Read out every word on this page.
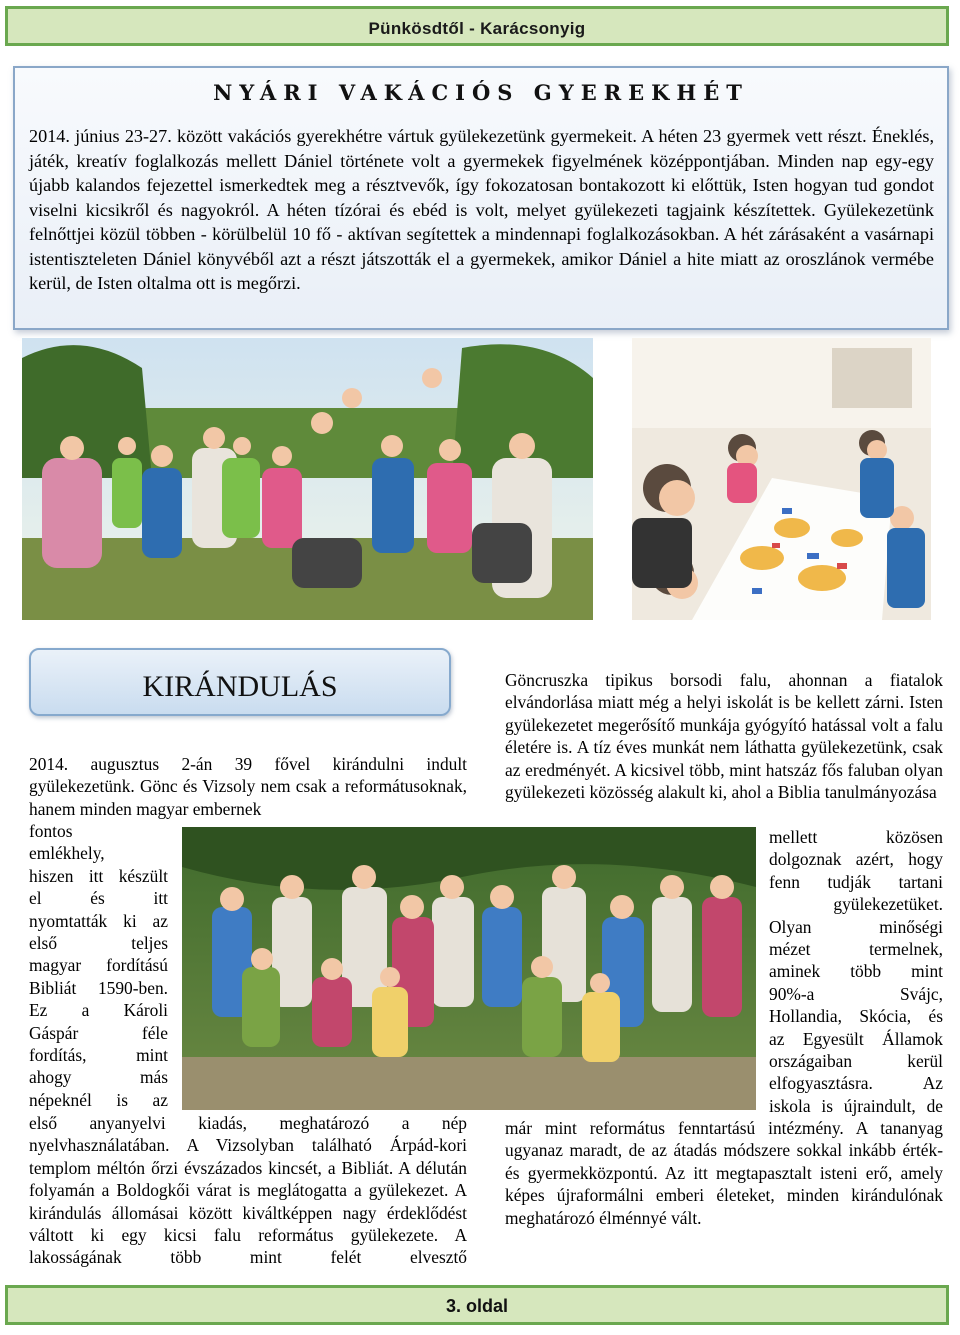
Pünkösdtől - Karácsonyig
NYÁRI VAKÁCIÓS GYEREKHÉT
2014. június 23-27. között vakációs gyerekhétre vártuk gyülekezetünk gyermekeit. A héten 23 gyermek vett részt. Éneklés, játék, kreatív foglalkozás mellett Dániel története volt a gyermekek figyelmének középpontjában. Minden nap egy-egy újabb kalandos fejezettel ismerkedtek meg a résztvevők, így fokozatosan bontakozott ki előttük, Isten hogyan tud gondot viselni kicsikről és nagyokról. A héten tízórai és ebéd is volt, melyet gyülekezeti tagjaink készítettek. Gyülekezetünk felnőttjei közül többen - körülbelül 10 fő - aktívan segítettek a mindennapi foglalkozásokban. A hét zárásaként a vasárnapi istentiszteleten Dániel könyvéből azt a részt játszották el a gyermekek, amikor Dániel a hite miatt az oroszlánok vermébe kerül, de Isten oltalma ott is megőrzi.
KIRÁNDULÁS
2014. augusztus 2-án 39 fővel kirándulni indult gyülekezetünk. Gönc és Vizsoly nem csak a reformátusoknak, hanem minden magyar embernek
fontos
emlékhely,
hiszen itt készült
el és itt
nyomtatták ki az
első teljes
magyar fordítású
Bibliát 1590-ben.
Ez a Károli
Gáspár féle
fordítás, mint
ahogy más
népeknél is az
első anyanyelvi kiadás, meghatározó a nép nyelvhasználatában. A Vizsolyban található Árpád-kori templom méltón őrzi évszázados kincsét, a Bibliát. A délután folyamán a Boldogkői várat is meglátogatta a gyülekezet. A kirándulás állomásai között kiváltképpen nagy érdeklődést váltott ki egy kicsi falu református gyülekezete. A lakosságának több mint felét elvesztő
Göncruszka tipikus borsodi falu, ahonnan a fiatalok elvándorlása miatt még a helyi iskolát is be kellett zárni. Isten gyülekezetet megerősítő munkája gyógyító hatással volt a falu életére is. A tíz éves munkát nem láthatta gyülekezetünk, csak az eredményét. A kicsivel több, mint hatszáz fős faluban olyan gyülekezeti közösség alakult ki, ahol a Biblia tanulmányozása
mellett közösen
dolgoznak azért, hogy
fenn tudják tartani
gyülekezetüket.
Olyan minőségi
mézet termelnek,
aminek több mint
90%-a Svájc,
Hollandia, Skócia, és
az Egyesült Államok
országaiban kerül
elfogyasztásra. Az
iskola is újraindult, de
már mint református fenntartású intézmény. A tananyag ugyanaz maradt, de az átadás módszere sokkal inkább érték- és gyermekközpontú. Az itt megtapasztalt isteni erő, amely képes újraformálni emberi életeket, minden kirándulónak meghatározó élménnyé vált.
3. oldal
